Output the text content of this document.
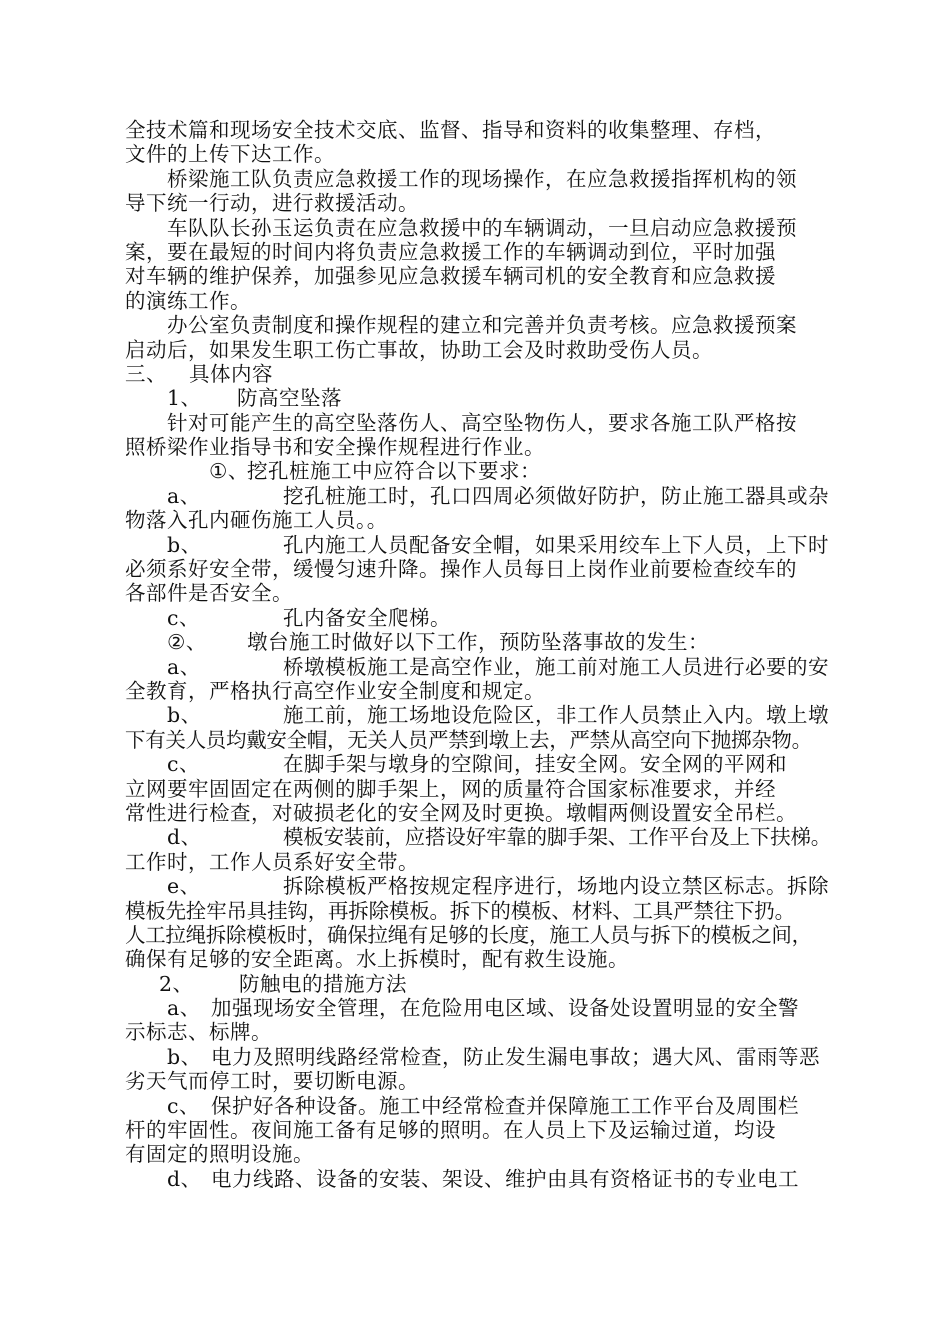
全技术篇和现场安全技术交底、监督、指导和资料的收集整理、存档，
文件的上传下达工作。
桥梁施工队负责应急救援工作的现场操作，在应急救援指挥机构的领
导下统一行动，进行救援活动。
车队队长孙玉运负责在应急救援中的车辆调动，一旦启动应急救援预
案，要在最短的时间内将负责应急救援工作的车辆调动到位，平时加强
对车辆的维护保养，加强参见应急救援车辆司机的安全教育和应急救援
的演练工作。
办公室负责制度和操作规程的建立和完善并负责考核。应急救援预案
启动后，如果发生职工伤亡事故，协助工会及时救助受伤人员。
三、 具体内容
1、 防高空坠落
针对可能产生的高空坠落伤人、高空坠物伤人，要求各施工队严格按
照桥梁作业指导书和安全操作规程进行作业。
①、挖孔桩施工中应符合以下要求：
a、	挖孔桩施工时，孔口四周必须做好防护，防止施工器具或杂
物落入孔内砸伤施工人员。。
b、	孔内施工人员配备安全帽，如果采用绞车上下人员，上下时
必须系好安全带，缓慢匀速升降。操作人员每日上岗作业前要检查绞车的
各部件是否安全。
c、	孔内备安全爬梯。
②、 墩台施工时做好以下工作，预防坠落事故的发生：
a、	桥墩模板施工是高空作业，施工前对施工人员进行必要的安
全教育，严格执行高空作业安全制度和规定。
b、	施工前，施工场地设危险区，非工作人员禁止入内。墩上墩
下有关人员均戴安全帽，无关人员严禁到墩上去，严禁从高空向下抛掷杂物。
c、	在脚手架与墩身的空隙间，挂安全网。安全网的平网和
立网要牢固固定在两侧的脚手架上，网的质量符合国家标准要求，并经
常性进行检查，对破损老化的安全网及时更换。墩帽两侧设置安全吊栏。
d、	模板安装前，应搭设好牢靠的脚手架、工作平台及上下扶梯。
工作时，工作人员系好安全带。
e、	拆除模板严格按规定程序进行，场地内设立禁区标志。拆除
模板先拴牢吊具挂钩，再拆除模板。拆下的模板、材料、工具严禁往下扔。
人工拉绳拆除模板时，确保拉绳有足够的长度，施工人员与拆下的模板之间，
确保有足够的安全距离。水上拆模时，配有救生设施。
2、 防触电的措施方法
a、 加强现场安全管理，在危险用电区域、设备处设置明显的安全警
示标志、标牌。
b、 电力及照明线路经常检查，防止发生漏电事故；遇大风、雷雨等恶
劣天气而停工时，要切断电源。
c、 保护好各种设备。施工中经常检查并保障施工工作平台及周围栏
杆的牢固性。夜间施工备有足够的照明。在人员上下及运输过道，均设
有固定的照明设施。
d、 电力线路、设备的安装、架设、维护由具有资格证书的专业电工
